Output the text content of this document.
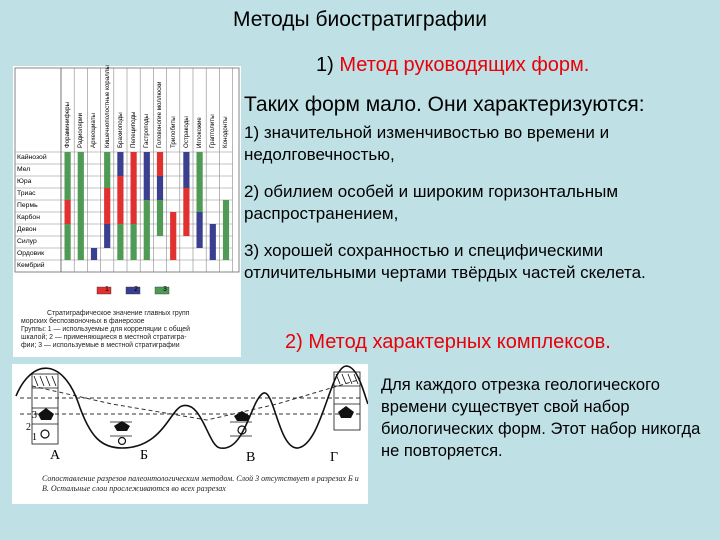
Методы биостратиграфии
Кайнозой
Мел
Юра
Триас
Пермь
Карбон
Девон
Силур
Ордовик
Кембрий
Фораминиферы Радиолярии Археоциаты Кишечнополостные кораллы Брахиоподы Пелециподы Гастроподы Головоногие моллюски Трилобиты Остракоды Иглокожие Граптолиты Конодонты
1	2	3
Стратиграфическое значение главных групп
морских беспозвоночных в фанерозое
Группы: 1 — используемые для корреляции с общей
шкалой; 2 — применяющиеся в местной стратигра-
фии; 3 — используемые в местной стратиграфии
1) Метод руководящих форм.
Таких форм мало. Они характеризуются:
1) значительной изменчивостью во времени и недолговечностью,
2) обилием особей и широким горизонтальным распространением,
3) хорошей сохранностью и специфическими отличительными чертами твёрдых частей скелета.
2) Метод характерных комплексов.
3
2
1
А	Б	В	Г
Сопоставление разрезов палеонтологическим методом. Слой 3 отсутствует в разрезах Б и В. Остальные слои прослеживаются во всех разрезах
Для каждого отрезка геологического времени существует свой набор биологических форм. Этот набор никогда не повторяется.
